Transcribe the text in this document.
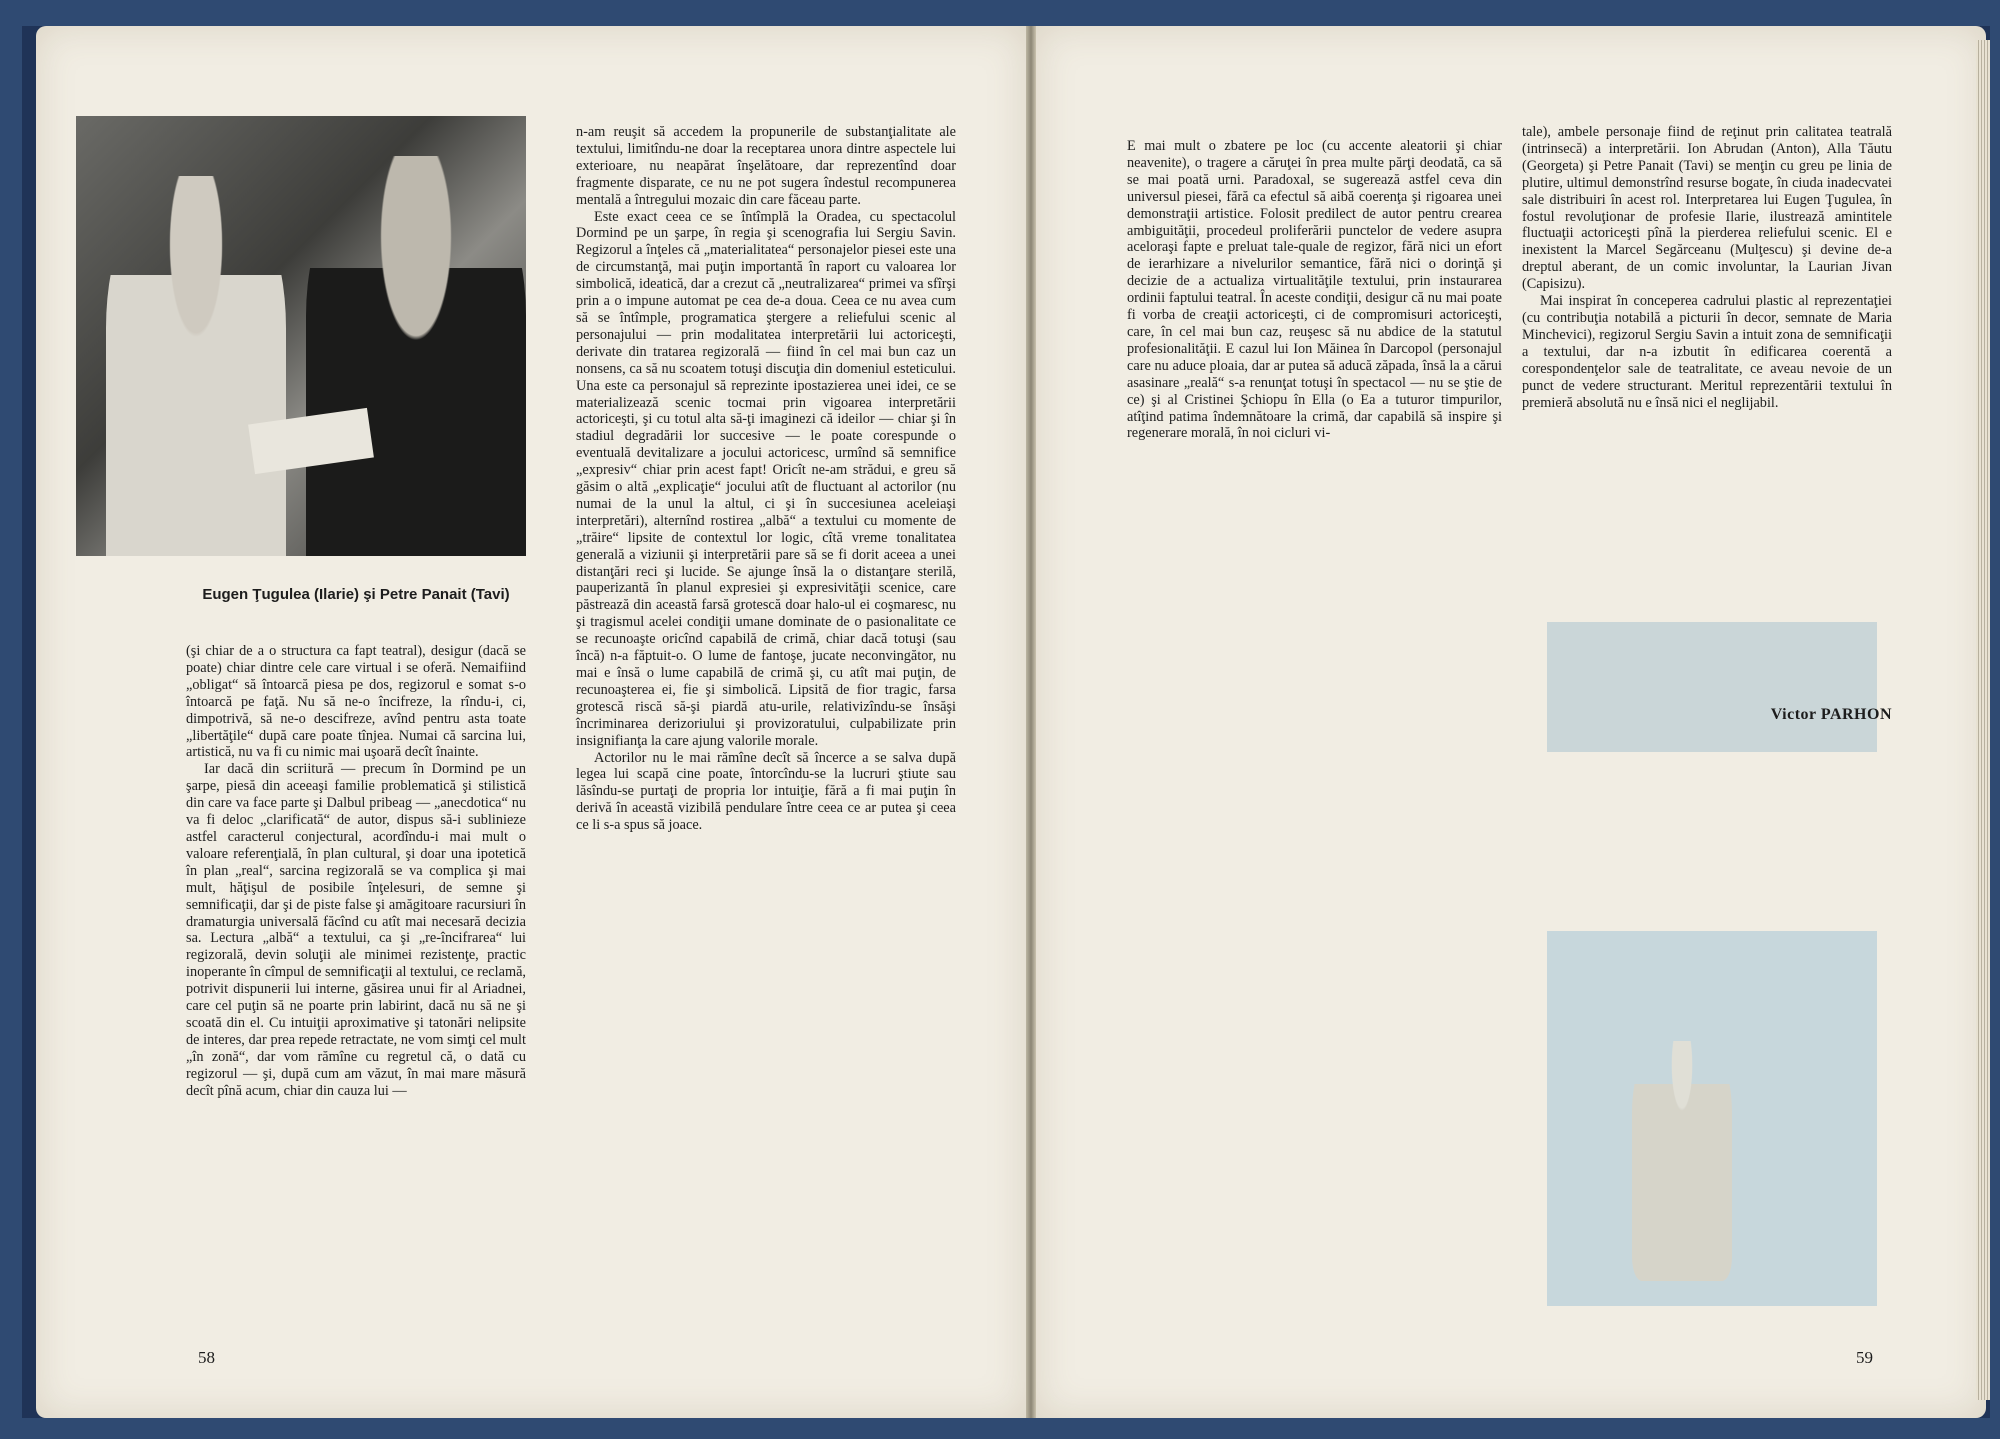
Eugen Ţugulea (Ilarie) şi Petre Panait (Tavi)

(şi chiar de a o structura ca fapt teatral), desigur (dacă se poate) chiar dintre cele care virtual i se oferă. Nemaifiind „obligat“ să întoarcă piesa pe dos, regizorul e somat s-o întoarcă pe faţă. Nu să ne-o încifreze, la rîndu-i, ci, dimpotrivă, să ne-o descifreze, avînd pentru asta toate „libertăţile“ după care poate tînjea. Numai că sarcina lui, artistică, nu va fi cu nimic mai uşoară decît înainte.

Iar dacă din scriitură — precum în Dormind pe un şarpe, piesă din aceeaşi familie problematică şi stilistică din care va face parte şi Dalbul pribeag — „anecdotica“ nu va fi deloc „clarificată“ de autor, dispus să-i sublinieze astfel caracterul conjectural, acordîndu-i mai mult o valoare referenţială, în plan cultural, şi doar una ipotetică în plan „real“, sarcina regizorală se va complica şi mai mult, hăţişul de posibile înţelesuri, de semne şi semnificaţii, dar şi de piste false şi amăgitoare racursiuri în dramaturgia universală făcînd cu atît mai necesară decizia sa. Lectura „albă“ a textului, ca şi „re-încifrarea“ lui regizorală, devin soluţii ale minimei rezistenţe, practic inoperante în cîmpul de semnificaţii al textului, ce reclamă, potrivit dispunerii lui interne, găsirea unui fir al Ariadnei, care cel puţin să ne poarte prin labirint, dacă nu să ne şi scoată din el. Cu intuiţii aproximative şi tatonări nelipsite de interes, dar prea repede retractate, ne vom simţi cel mult „în zonă“, dar vom rămîne cu regretul că, o dată cu regizorul — şi, după cum am văzut, în mai mare măsură decît pînă acum, chiar din cauza lui —

n-am reuşit să accedem la propunerile de substanţialitate ale textului, limitîndu-ne doar la receptarea unora dintre aspectele lui exterioare, nu neapărat înşelătoare, dar reprezentînd doar fragmente disparate, ce nu ne pot sugera îndestul recompunerea mentală a întregului mozaic din care făceau parte.

Este exact ceea ce se întîmplă la Oradea, cu spectacolul Dormind pe un şarpe, în regia şi scenografia lui Sergiu Savin. Regizorul a înţeles că „materialitatea“ personajelor piesei este una de circumstanţă, mai puţin importantă în raport cu valoarea lor simbolică, ideatică, dar a crezut că „neutralizarea“ primei va sfîrşi prin a o impune automat pe cea de-a doua. Ceea ce nu avea cum să se întîmple, programatica ştergere a reliefului scenic al personajului — prin modalitatea interpretării lui actoriceşti, derivate din tratarea regizorală — fiind în cel mai bun caz un nonsens, ca să nu scoatem totuşi discuţia din domeniul esteticului. Una este ca personajul să reprezinte ipostazierea unei idei, ce se materializează scenic tocmai prin vigoarea interpretării actoriceşti, şi cu totul alta să-ţi imaginezi că ideilor — chiar şi în stadiul degradării lor succesive — le poate corespunde o eventuală devitalizare a jocului actoricesc, urmînd să semnifice „expresiv“ chiar prin acest fapt! Oricît ne-am strădui, e greu să găsim o altă „explicaţie“ jocului atît de fluctuant al actorilor (nu numai de la unul la altul, ci şi în succesiunea aceleiaşi interpretări), alternînd rostirea „albă“ a textului cu momente de „trăire“ lipsite de contextul lor logic, cîtă vreme tonalitatea generală a viziunii şi interpretării pare să se fi dorit aceea a unei distanţări reci şi lucide. Se ajunge însă la o distanţare sterilă, pauperizantă în planul expresiei şi expresivităţii scenice, care păstrează din această farsă grotescă doar halo-ul ei coşmaresc, nu şi tragismul acelei condiţii umane dominate de o pasionalitate ce se recunoaşte oricînd capabilă de crimă, chiar dacă totuşi (sau încă) n-a făptuit-o. O lume de fantoşe, jucate neconvingător, nu mai e însă o lume capabilă de crimă şi, cu atît mai puţin, de recunoaşterea ei, fie şi simbolică. Lipsită de fior tragic, farsa grotescă riscă să-şi piardă atu-urile, relativizîndu-se însăşi încriminarea derizoriului şi provizoratului, culpabilizate prin insignifianţa la care ajung valorile morale.

Actorilor nu le mai rămîne decît să încerce a se salva după legea lui scapă cine poate, întorcîndu-se la lucruri ştiute sau lăsîndu-se purtaţi de propria lor intuiţie, fără a fi mai puţin în derivă în această vizibilă pendulare între ceea ce ar putea şi ceea ce li s-a spus să joace.

58

E mai mult o zbatere pe loc (cu accente aleatorii şi chiar neavenite), o tragere a căruţei în prea multe părţi deodată, ca să se mai poată urni. Paradoxal, se sugerează astfel ceva din universul piesei, fără ca efectul să aibă coerenţa şi rigoarea unei demonstraţii artistice. Folosit predilect de autor pentru crearea ambiguităţii, procedeul proliferării punctelor de vedere asupra aceloraşi fapte e preluat tale-quale de regizor, fără nici un efort de ierarhizare a nivelurilor semantice, fără nici o dorinţă şi decizie de a actualiza virtualităţile textului, prin instaurarea ordinii faptului teatral. În aceste condiţii, desigur că nu mai poate fi vorba de creaţii actoriceşti, ci de compromisuri actoriceşti, care, în cel mai bun caz, reuşesc să nu abdice de la statutul profesionalităţii. E cazul lui Ion Măinea în Darcopol (personajul care nu aduce ploaia, dar ar putea să aducă zăpada, însă la a cărui asasinare „reală“ s-a renunţat totuşi în spectacol — nu se ştie de ce) şi al Cristinei Şchiopu în Ella (o Ea a tuturor timpurilor, atîţind patima îndemnătoare la crimă, dar capabilă să inspire şi regenerare morală, în noi cicluri vi-

tale), ambele personaje fiind de reţinut prin calitatea teatrală (intrinsecă) a interpretării. Ion Abrudan (Anton), Alla Tăutu (Georgeta) şi Petre Panait (Tavi) se menţin cu greu pe linia de plutire, ultimul demonstrînd resurse bogate, în ciuda inadecvatei sale distribuiri în acest rol. Interpretarea lui Eugen Ţugulea, în fostul revoluţionar de profesie Ilarie, ilustrează amintitele fluctuaţii actoriceşti pînă la pierderea reliefului scenic. El e inexistent la Marcel Segărceanu (Mulţescu) şi devine de-a dreptul aberant, de un comic involuntar, la Laurian Jivan (Capisizu).

Mai inspirat în conceperea cadrului plastic al reprezentaţiei (cu contribuţia notabilă a picturii în decor, semnate de Maria Minchevici), regizorul Sergiu Savin a intuit zona de semnificaţii a textului, dar n-a izbutit în edificarea coerentă a corespondenţelor sale de teatralitate, ce aveau nevoie de un punct de vedere structurant. Meritul reprezentării textului în premieră absolută nu e însă nici el neglijabil.

Victor PARHON
59
